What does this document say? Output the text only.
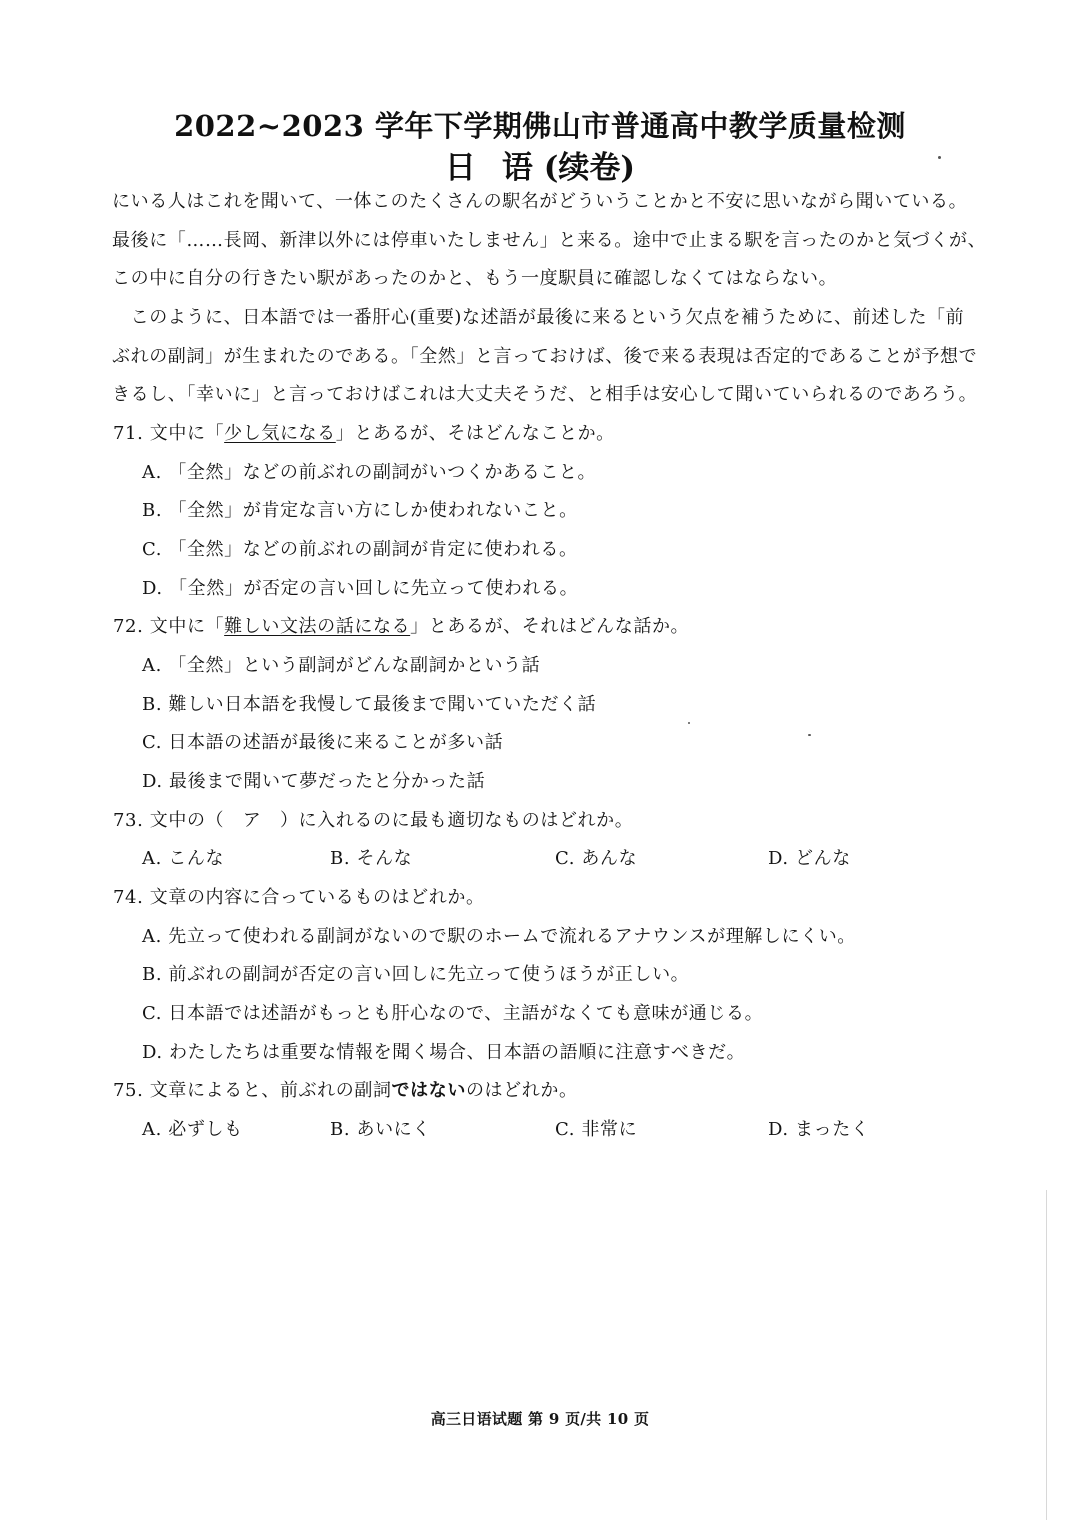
2022~2023 学年下学期佛山市普通高中教学质量检测
日 语 (续卷)
にいる人はこれを聞いて、一体このたくさんの駅名がどういうことかと不安に思いながら聞いている。
最後に「……長岡、新津以外には停車いたしません」と来る。途中で止まる駅を言ったのかと気づくが、
この中に自分の行きたい駅があったのかと、もう一度駅員に確認しなくてはならない。
　このように、日本語では一番肝心(重要)な述語が最後に来るという欠点を補うために、前述した「前
ぶれの副詞」が生まれたのである。「全然」と言っておけば、後で来る表現は否定的であることが予想で
きるし、「幸いに」と言っておけばこれは大丈夫そうだ、と相手は安心して聞いていられるのであろう。
71. 文中に「少し気になる」とあるが、そはどんなことか。
A. 「全然」などの前ぶれの副詞がいつくかあること。
B. 「全然」が肯定な言い方にしか使われないこと。
C. 「全然」などの前ぶれの副詞が肯定に使われる。
D. 「全然」が否定の言い回しに先立って使われる。
72. 文中に「難しい文法の話になる」とあるが、それはどんな話か。
A. 「全然」という副詞がどんな副詞かという話
B. 難しい日本語を我慢して最後まで聞いていただく話
C. 日本語の述語が最後に来ることが多い話
D. 最後まで聞いて夢だったと分かった話
73. 文中の（　ア　）に入れるのに最も適切なものはどれか。
A. こんな	B. そんな	C. あんな	D. どんな
74. 文章の内容に合っているものはどれか。
A. 先立って使われる副詞がないので駅のホームで流れるアナウンスが理解しにくい。
B. 前ぶれの副詞が否定の言い回しに先立って使うほうが正しい。
C. 日本語では述語がもっとも肝心なので、主語がなくても意味が通じる。
D. わたしたちは重要な情報を聞く場合、日本語の語順に注意すべきだ。
75. 文章によると、前ぶれの副詞ではないのはどれか。
A. 必ずしも	B. あいにく	C. 非常に	D. まったく
高三日语试题 第 9 页/共 10 页
